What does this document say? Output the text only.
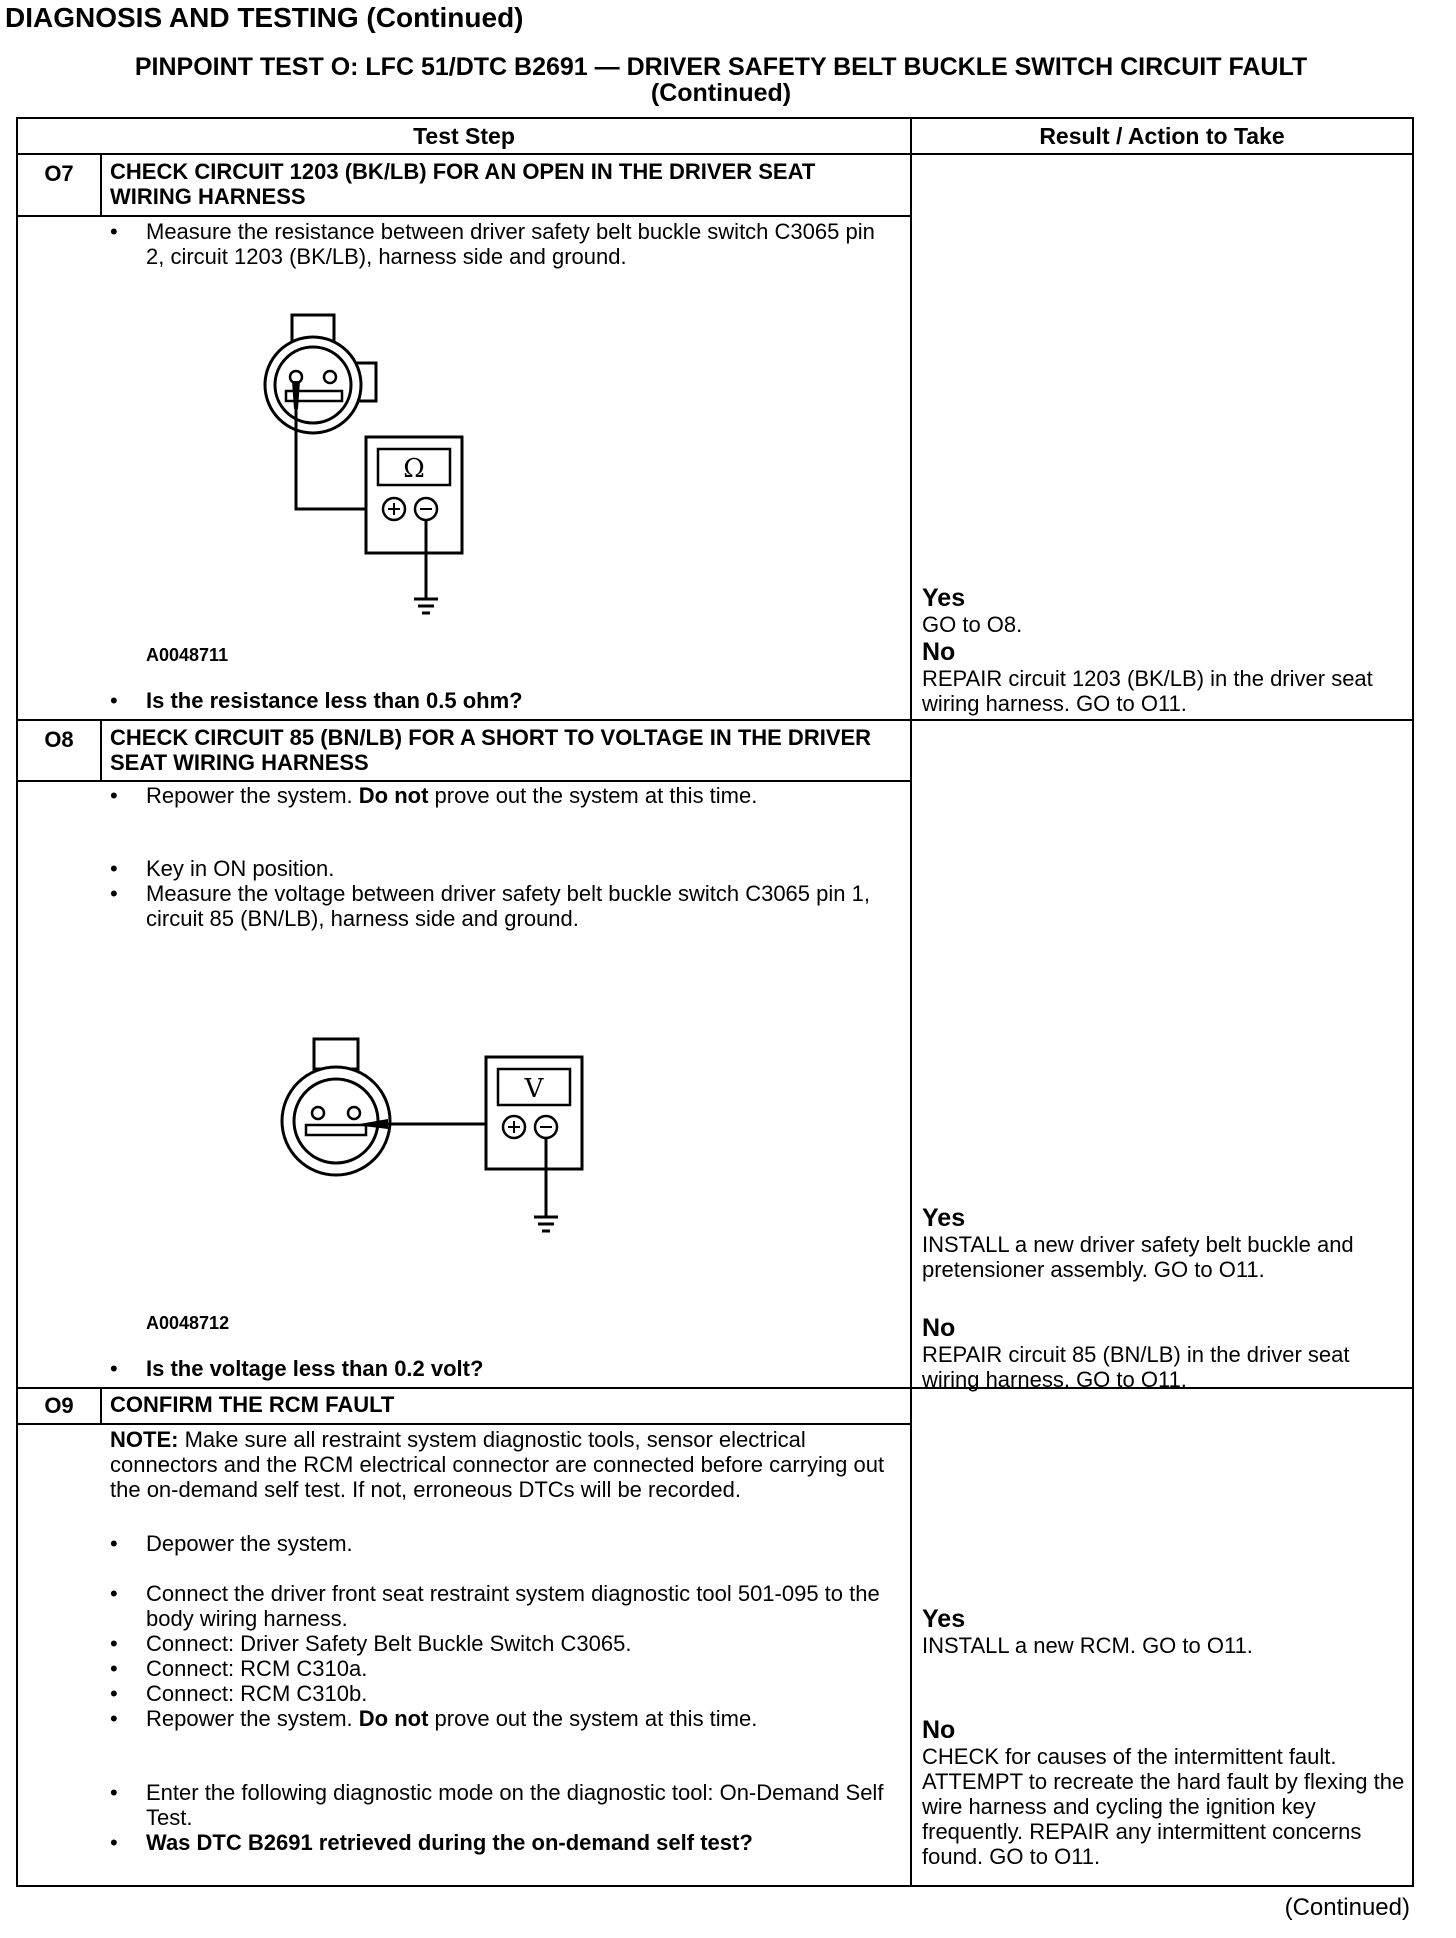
DIAGNOSIS AND TESTING (Continued)
PINPOINT TEST O: LFC 51/DTC B2691 — DRIVER SAFETY BELT BUCKLE SWITCH CIRCUIT FAULT
(Continued)
Test Step	Result / Action to Take
O7	CHECK CIRCUIT 1203 (BK/LB) FOR AN OPEN IN THE DRIVER SEAT WIRING HARNESS
• Measure the resistance between driver safety belt buckle switch C3065 pin 2, circuit 1203 (BK/LB), harness side and ground.
Ω
A0048711
• Is the resistance less than 0.5 ohm?
Yes
GO to O8.
No
REPAIR circuit 1203 (BK/LB) in the driver seat wiring harness. GO to O11.
O8	CHECK CIRCUIT 85 (BN/LB) FOR A SHORT TO VOLTAGE IN THE DRIVER SEAT WIRING HARNESS
• Repower the system. Do not prove out the system at this time.
• Key in ON position.
• Measure the voltage between driver safety belt buckle switch C3065 pin 1, circuit 85 (BN/LB), harness side and ground.
V
A0048712
• Is the voltage less than 0.2 volt?
Yes
INSTALL a new driver safety belt buckle and pretensioner assembly. GO to O11.
No
REPAIR circuit 85 (BN/LB) in the driver seat wiring harness. GO to O11.
O9	CONFIRM THE RCM FAULT
NOTE: Make sure all restraint system diagnostic tools, sensor electrical connectors and the RCM electrical connector are connected before carrying out the on-demand self test. If not, erroneous DTCs will be recorded.
• Depower the system.
• Connect the driver front seat restraint system diagnostic tool 501-095 to the body wiring harness.
• Connect: Driver Safety Belt Buckle Switch C3065.
• Connect: RCM C310a.
• Connect: RCM C310b.
• Repower the system. Do not prove out the system at this time.
• Enter the following diagnostic mode on the diagnostic tool: On-Demand Self Test.
• Was DTC B2691 retrieved during the on-demand self test?
Yes
INSTALL a new RCM. GO to O11.
No
CHECK for causes of the intermittent fault. ATTEMPT to recreate the hard fault by flexing the wire harness and cycling the ignition key frequently. REPAIR any intermittent concerns found. GO to O11.
(Continued)
